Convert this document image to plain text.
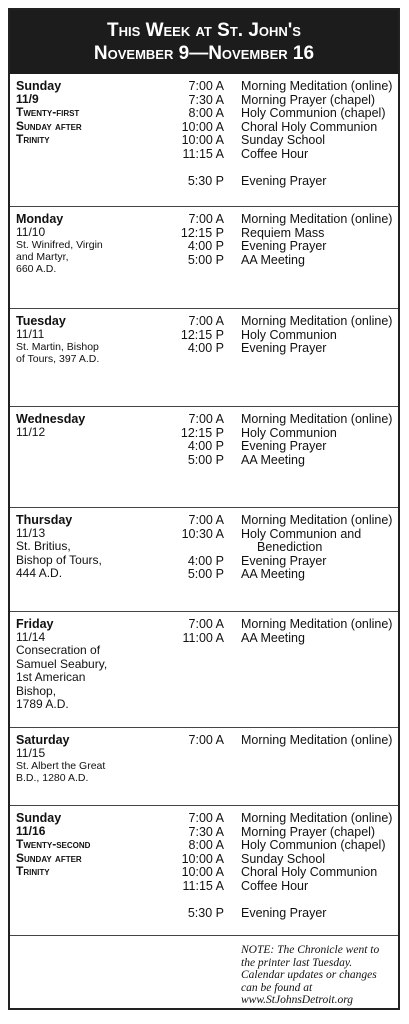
This Week at St. John's
November 9—November 16
Sunday
11/9
Twenty-first
Sunday after
Trinity
7:00 A Morning Meditation (online)
7:30 A Morning Prayer (chapel)
8:00 A Holy Communion (chapel)
10:00 A Choral Holy Communion
10:00 A Sunday School
11:15 A Coffee Hour
5:30 P Evening Prayer
Monday
11/10
St. Winifred, Virgin
and Martyr,
660 A.D.
7:00 A Morning Meditation (online)
12:15 P Requiem Mass
4:00 P Evening Prayer
5:00 P AA Meeting
Tuesday
11/11
St. Martin, Bishop
of Tours, 397 A.D.
7:00 A Morning Meditation (online)
12:15 P Holy Communion
4:00 P Evening Prayer
Wednesday
11/12
7:00 A Morning Meditation (online)
12:15 P Holy Communion
4:00 P Evening Prayer
5:00 P AA Meeting
Thursday
11/13
St. Britius,
Bishop of Tours,
444 A.D.
7:00 A Morning Meditation (online)
10:30 A Holy Communion and
Benediction
4:00 P Evening Prayer
5:00 P AA Meeting
Friday
11/14
Consecration of
Samuel Seabury,
1st American
Bishop,
1789 A.D.
7:00 A Morning Meditation (online)
11:00 A AA Meeting
Saturday
11/15
St. Albert the Great
B.D., 1280 A.D.
7:00 A Morning Meditation (online)
Sunday
11/16
Twenty-second
Sunday after
Trinity
7:00 A Morning Meditation (online)
7:30 A Morning Prayer (chapel)
8:00 A Holy Communion (chapel)
10:00 A Sunday School
10:00 A Choral Holy Communion
11:15 A Coffee Hour
5:30 P Evening Prayer
NOTE: The Chronicle went to
the printer last Tuesday.
Calendar updates or changes
can be found at
www.StJohnsDetroit.org
